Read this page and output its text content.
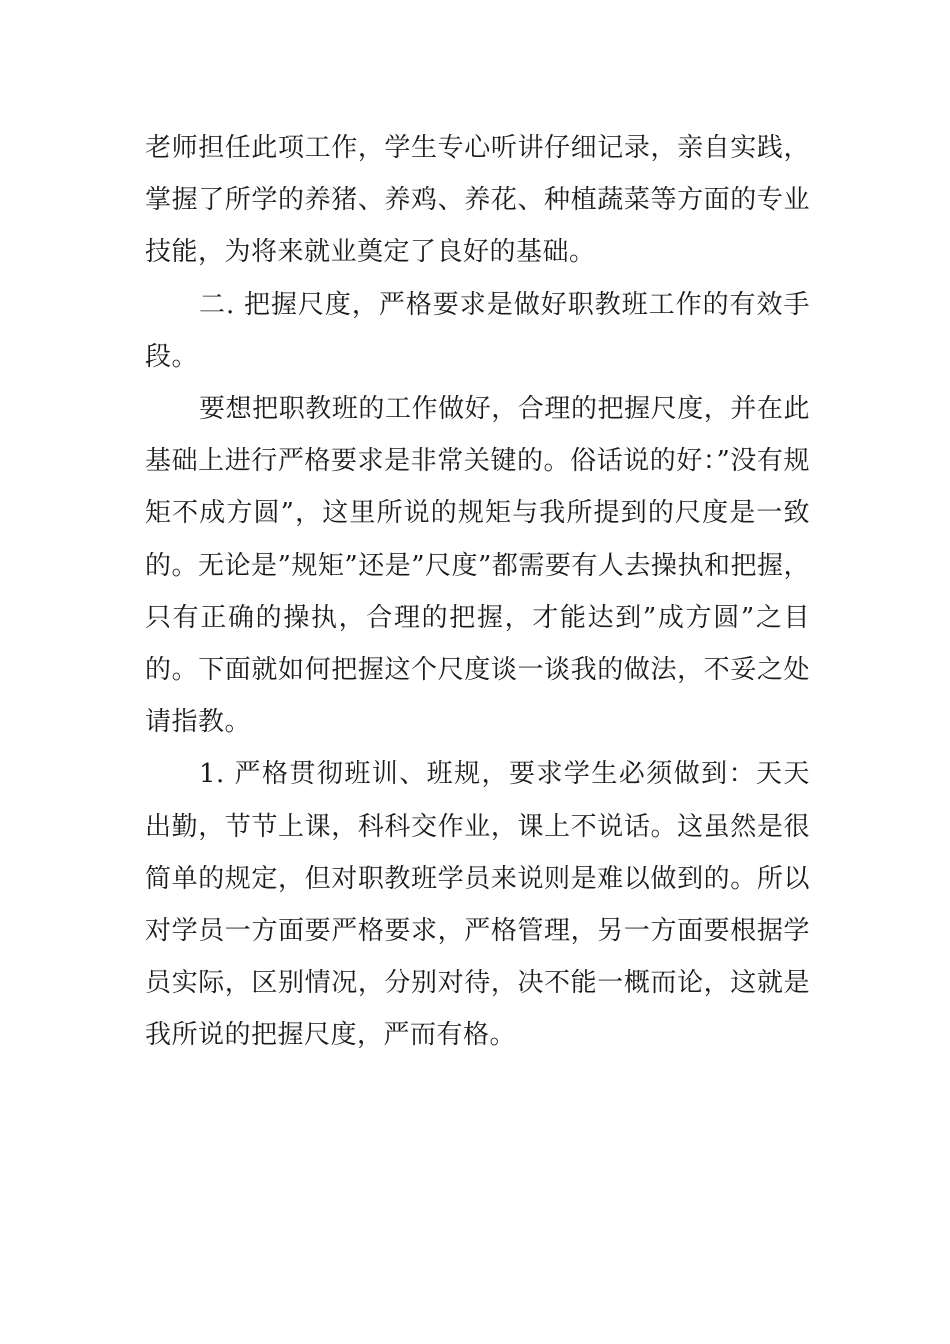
老师担任此项工作，学生专心听讲仔细记录，亲自实践，掌握了所学的养猪、养鸡、养花、种植蔬菜等方面的专业技能，为将来就业奠定了良好的基础。

二. 把握尺度，严格要求是做好职教班工作的有效手段。

要想把职教班的工作做好，合理的把握尺度，并在此基础上进行严格要求是非常关键的。俗话说的好：”没有规矩不成方圆”，这里所说的规矩与我所提到的尺度是一致的。无论是”规矩”还是”尺度”都需要有人去操执和把握，只有正确的操执，合理的把握，才能达到”成方圆”之目的。下面就如何把握这个尺度谈一谈我的做法，不妥之处请指教。

1. 严格贯彻班训、班规，要求学生必须做到：天天出勤，节节上课，科科交作业，课上不说话。这虽然是很简单的规定，但对职教班学员来说则是难以做到的。所以对学员一方面要严格要求，严格管理，另一方面要根据学员实际，区别情况，分别对待，决不能一概而论，这就是我所说的把握尺度，严而有格。
